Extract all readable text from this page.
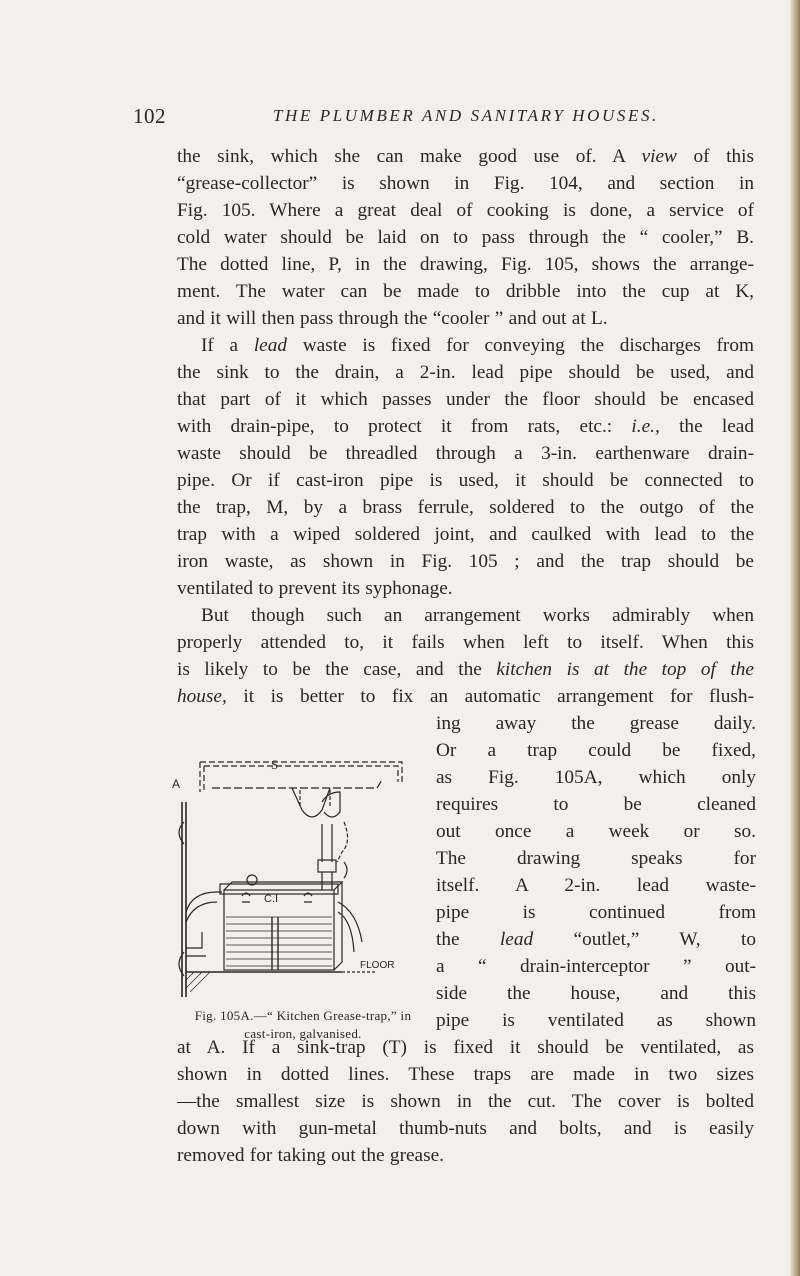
102	THE PLUMBER AND SANITARY HOUSES.

the sink, which she can make good use of. A view of this

“grease-collector” is shown in Fig. 104, and section in

Fig. 105. Where a great deal of cooking is done, a service of

cold water should be laid on to pass through the “ cooler,” B.

The dotted line, P, in the drawing, Fig. 105, shows the arrange-

ment. The water can be made to dribble into the cup at K,

and it will then pass through the “cooler ” and out at L.

If a lead waste is fixed for conveying the discharges from

the sink to the drain, a 2-in. lead pipe should be used, and

that part of it which passes under the floor should be encased

with drain-pipe, to protect it from rats, etc.: i.e., the lead

waste should be threadled through a 3-in. earthenware drain-

pipe. Or if cast-iron pipe is used, it should be connected to

the trap, M, by a brass ferrule, soldered to the outgo of the

trap with a wiped soldered joint, and caulked with lead to the

iron waste, as shown in Fig. 105 ; and the trap should be

ventilated to prevent its syphonage.

But though such an arrangement works admirably when

properly attended to, it fails when left to itself. When this

is likely to be the case, and the kitchen is at the top of the

house, it is better to fix an automatic arrangement for flush-

ing away the grease daily.

Or a trap could be fixed,

as Fig. 105A, which only

requires to be cleaned

out once a week or so.

The drawing speaks for

itself. A 2-in. lead waste-

pipe is continued from

the lead “outlet,” W, to

a “ drain-interceptor ” out-

side the house, and this

pipe is ventilated as shown

S
A
C.I
FLOOR
Fig. 105A.—“ Kitchen Grease-trap,” in
cast-iron, galvanised.

at A. If a sink-trap (T) is fixed it should be ventilated, as

shown in dotted lines. These traps are made in two sizes

—the smallest size is shown in the cut. The cover is bolted

down with gun-metal thumb-nuts and bolts, and is easily

removed for taking out the grease.
